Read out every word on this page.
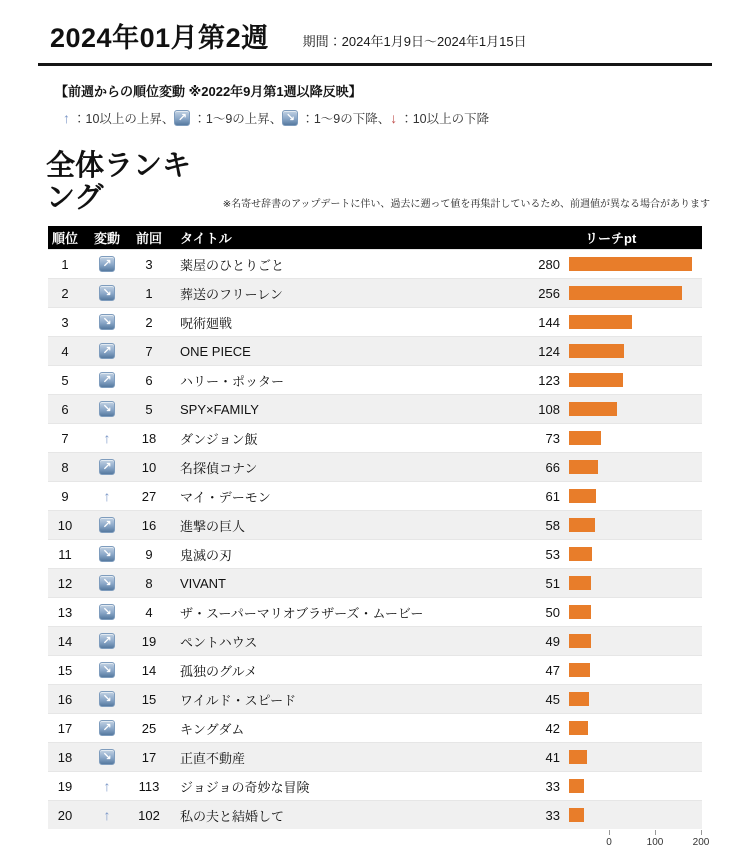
2024年01月第2週	期間：2024年1月9日～2024年1月15日

【前週からの順位変動 ※2022年9月第1週以降反映】

↑ ：10以上の上昇、 ↗ ：1～9の上昇、 ↘ ：1～9の下降、 ↓ ：10以上の下降
全体ランキング	※名寄せ辞書のアップデートに伴い、過去に遡って値を再集計しているため、前週値が異なる場合があります
順位	変動	前回	タイトル	リーチpt
1	↗	3	薬屋のひとりごと	280
2	↘	1	葬送のフリーレン	256
3	↘	2	呪術廻戦	144
4	↗	7	ONE PIECE	124
5	↗	6	ハリー・ポッター	123
6	↘	5	SPY×FAMILY	108
7	↑	18	ダンジョン飯	73
8	↗	10	名探偵コナン	66
9	↑	27	マイ・デーモン	61
10	↗	16	進撃の巨人	58
11	↘	9	鬼滅の刃	53
12	↘	8	VIVANT	51
13	↘	4	ザ・スーパーマリオブラザーズ・ムービー	50
14	↗	19	ペントハウス	49
15	↘	14	孤独のグルメ	47
16	↘	15	ワイルド・スピード	45
17	↗	25	キングダム	42
18	↘	17	正直不動産	41
19	↑	113	ジョジョの奇妙な冒険	33
20	↑	102	私の夫と結婚して	33
0	100	200
